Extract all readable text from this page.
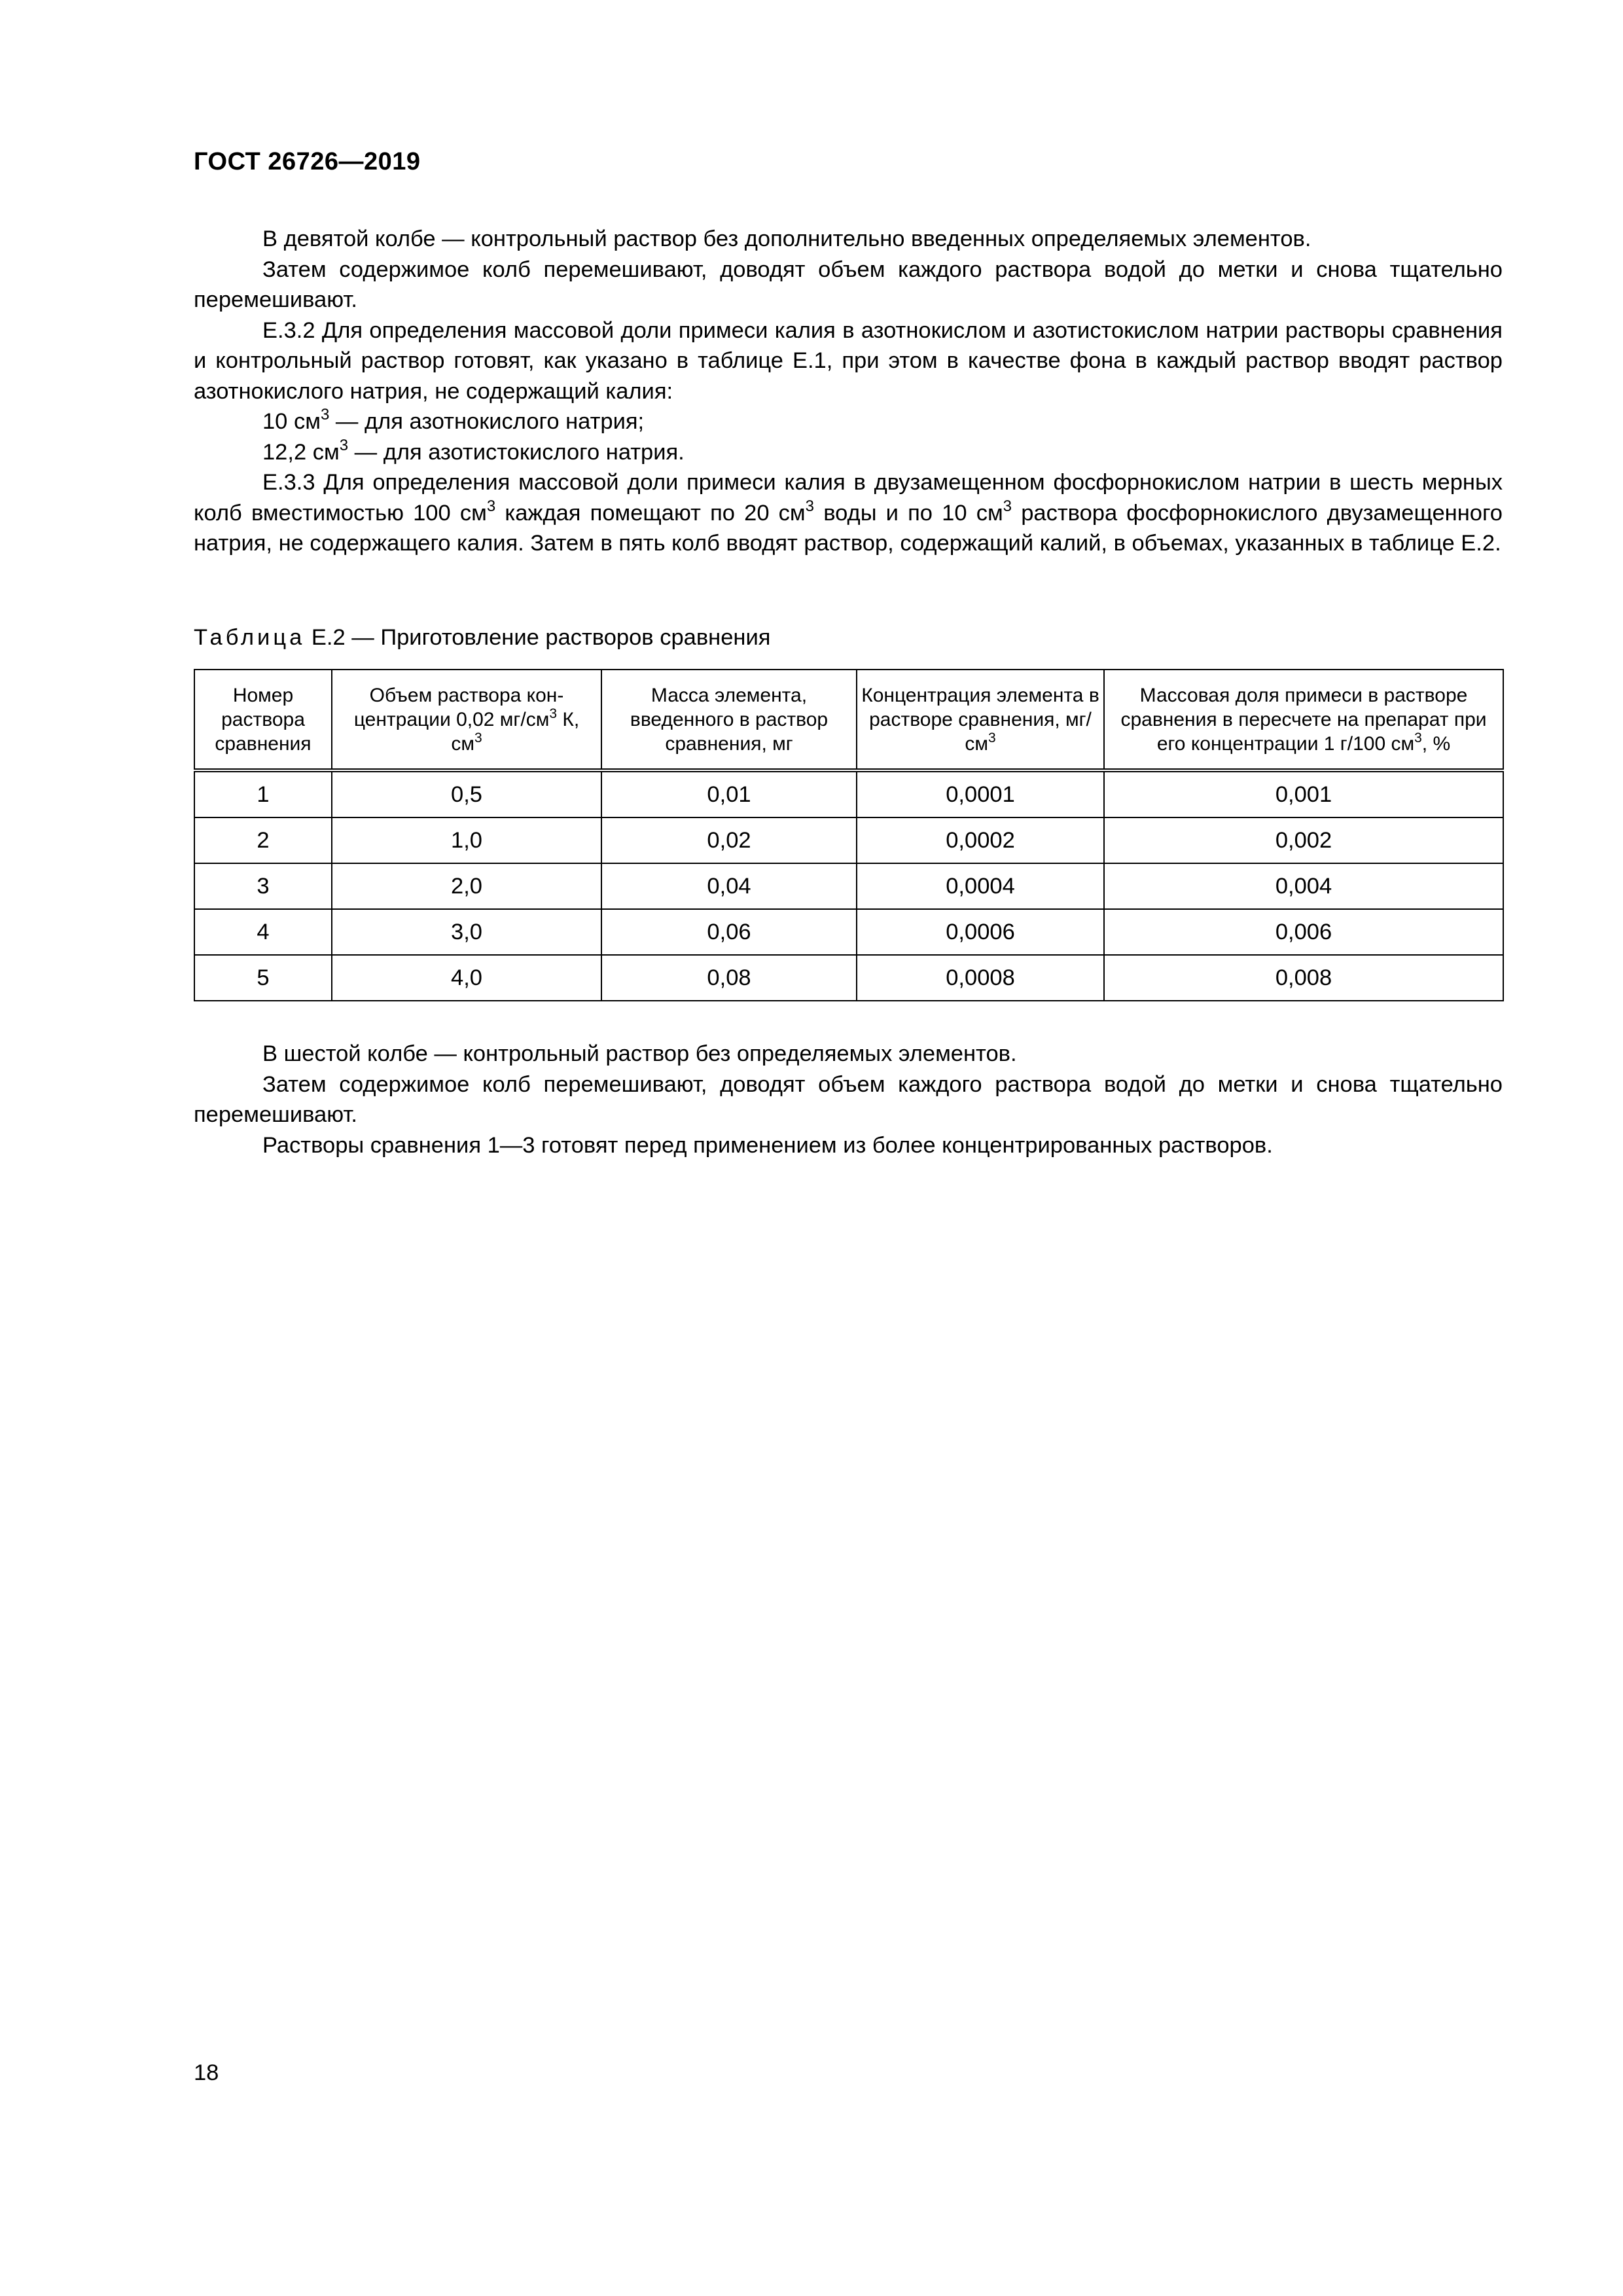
ГОСТ 26726—2019

В девятой колбе — контрольный раствор без дополнительно введенных определяемых элементов.

Затем содержимое колб перемешивают, доводят объем каждого раствора водой до метки и снова тщательно перемешивают.

Е.3.2 Для определения массовой доли примеси калия в азотнокислом и азотистокислом натрии растворы сравнения и контрольный раствор готовят, как указано в таблице Е.1, при этом в качестве фона в каждый раствор вводят раствор азотнокислого натрия, не содержащий калия:

10 $см^3$ — для азотнокислого натрия;

12,2 $см^3$ — для азотистокислого натрия.

Е.3.3 Для определения массовой доли примеси калия в двузамещенном фосфорнокислом натрии в шесть мерных колб вместимостью 100 $см^3$ каждая помещают по 20 $см^3$ воды и по 10 $см^3$ раствора фосфорнокислого двузамещенного натрия, не содержащего калия. Затем в пять колб вводят раствор, содержащий калий, в объемах, указанных в таблице Е.2.

Таблица Е.2 — Приготовление растворов сравнения
Номер раствора сравнения	Объем раствора кон-центрации 0,02 $мг/см^3$ К, $см^3$	Масса элемента, введенного в раствор сравнения, мг	Концентрация элемента в растворе сравнения, $мг/см^3$	Массовая доля примеси в растворе сравнения в пересчете на препарат при его концентрации 1 г/100 $см^3$, %
1	0,5	0,01	0,0001	0,001
2	1,0	0,02	0,0002	0,002
3	2,0	0,04	0,0004	0,004
4	3,0	0,06	0,0006	0,006
5	4,0	0,08	0,0008	0,008

В шестой колбе — контрольный раствор без определяемых элементов.

Затем содержимое колб перемешивают, доводят объем каждого раствора водой до метки и снова тщательно перемешивают.

Растворы сравнения 1—3 готовят перед применением из более концентрированных растворов.

18
